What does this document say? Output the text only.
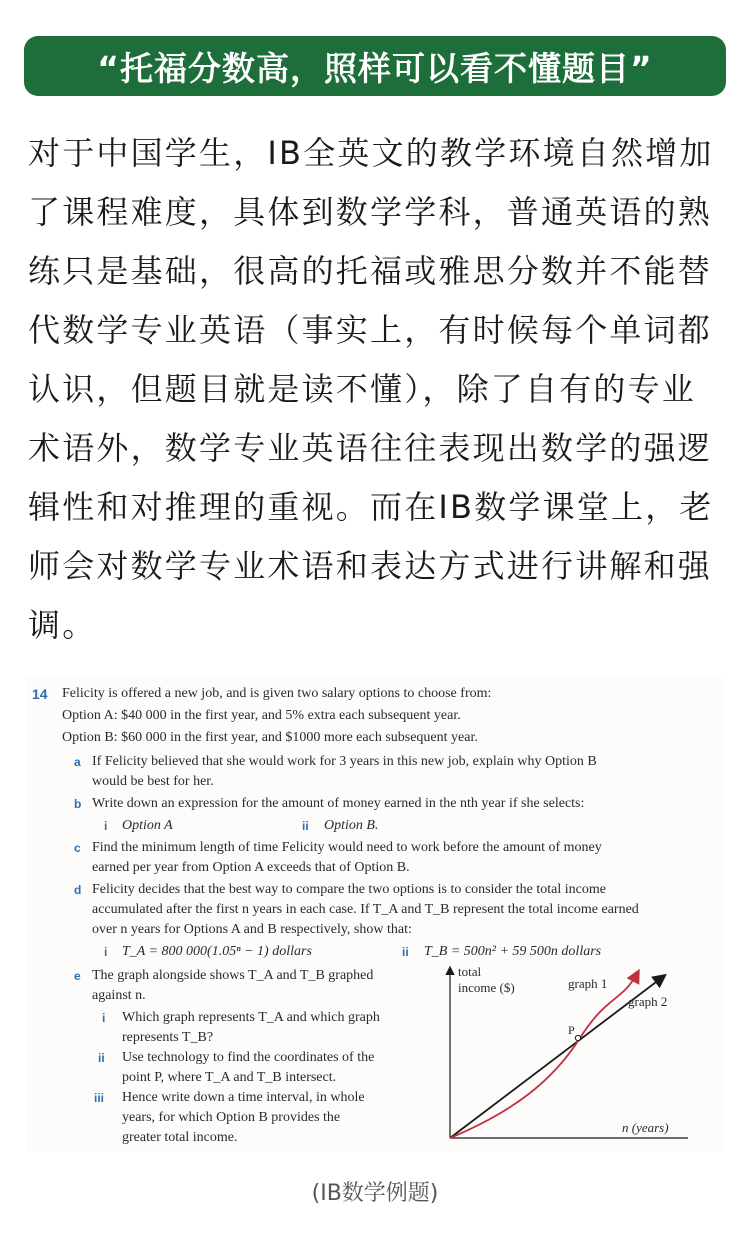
“托福分数高，照样可以看不懂题目”
对于中国学生，IB全英文的教学环境自然增加了课程难度，具体到数学学科，普通英语的熟练只是基础，很高的托福或雅思分数并不能替代数学专业英语（事实上，有时候每个单词都认识，但题目就是读不懂），除了自有的专业术语外，数学专业英语往往表现出数学的强逻辑性和对推理的重视。而在IB数学课堂上，老师会对数学专业术语和表达方式进行讲解和强调。
14 Felicity is offered a new job, and is given two salary options to choose from:
Option A: $40 000 in the first year, and 5% extra each subsequent year.
Option B: $60 000 in the first year, and $1000 more each subsequent year.
a If Felicity believed that she would work for 3 years in this new job, explain why Option B
would be best for her.
b Write down an expression for the amount of money earned in the nth year if she selects:
i Option A	ii Option B.
c Find the minimum length of time Felicity would need to work before the amount of money
earned per year from Option A exceeds that of Option B.
d Felicity decides that the best way to compare the two options is to consider the total income
accumulated after the first n years in each case. If T_A and T_B represent the total income earned
over n years for Options A and B respectively, show that:
i T_A = 800 000(1.05ⁿ − 1) dollars	ii T_B = 500n² + 59 500n dollars
e The graph alongside shows T_A and T_B graphed
against n.
i Which graph represents T_A and which graph
represents T_B?
ii Use technology to find the coordinates of the
point P, where T_A and T_B intersect.
iii Hence write down a time interval, in whole
years, for which Option B provides the
greater total income.
total
income ($)	graph 1
graph 2
P
n (years)
(IB数学例题)
